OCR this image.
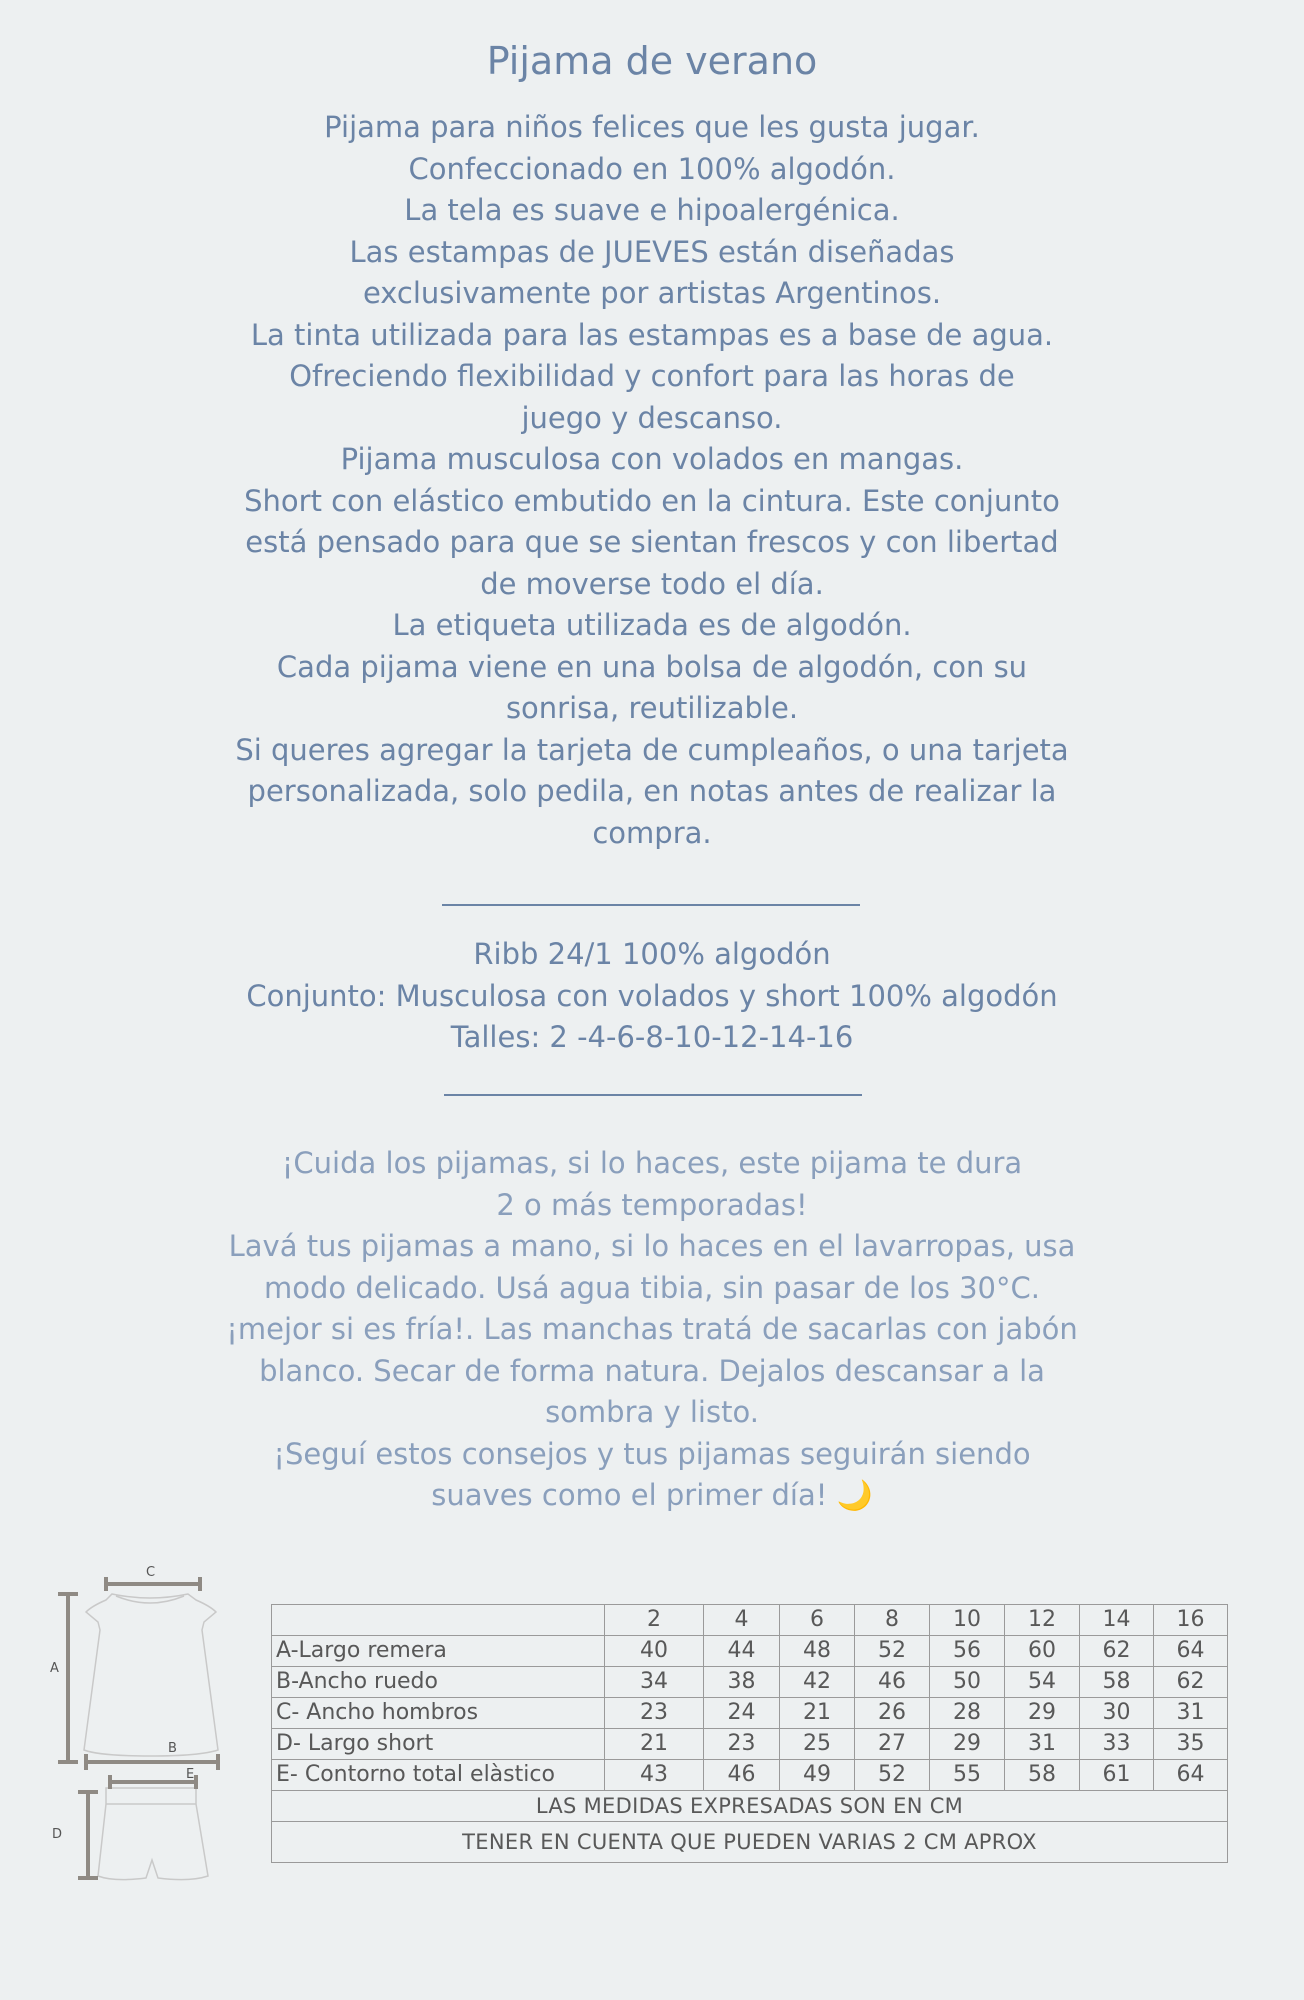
Pijama de verano
Pijama para niños felices que les gusta jugar.
Confeccionado en 100% algodón.
La tela es suave e hipoalergénica.
Las estampas de JUEVES están diseñadas
exclusivamente por artistas Argentinos.
La tinta utilizada para las estampas es a base de agua.
Ofreciendo flexibilidad y confort para las horas de
juego y descanso.
Pijama musculosa con volados en mangas.
Short con elástico embutido en la cintura. Este conjunto
está pensado para que se sientan frescos y con libertad
de moverse todo el día.
La etiqueta utilizada es de algodón.
Cada pijama viene en una bolsa de algodón, con su
sonrisa, reutilizable.
Si queres agregar la tarjeta de cumpleaños, o una tarjeta
personalizada, solo pedila, en notas antes de realizar la
compra.
Ribb 24/1 100% algodón
Conjunto: Musculosa con volados y short 100% algodón
Talles: 2 -4-6-8-10-12-14-16
¡Cuida los pijamas, si lo haces, este pijama te dura
2 o más temporadas!
Lavá tus pijamas a mano, si lo haces en el lavarropas, usa
modo delicado. Usá agua tibia, sin pasar de los 30°C.
¡mejor si es fría!. Las manchas tratá de sacarlas con jabón
blanco. Secar de forma natura. Dejalos descansar a la
sombra y listo.
¡Seguí estos consejos y tus pijamas seguirán siendo
suaves como el primer día! 🌙
C
A
B
E
D
	2	4	6	8	10	12	14	16
A-Largo remera	40	44	48	52	56	60	62	64
B-Ancho ruedo	34	38	42	46	50	54	58	62
C- Ancho hombros	23	24	21	26	28	29	30	31
D- Largo short	21	23	25	27	29	31	33	35
E- Contorno total elàstico	43	46	49	52	55	58	61	64
LAS MEDIDAS EXPRESADAS SON EN CM								
TENER EN CUENTA QUE PUEDEN VARIAS 2 CM APROX								
